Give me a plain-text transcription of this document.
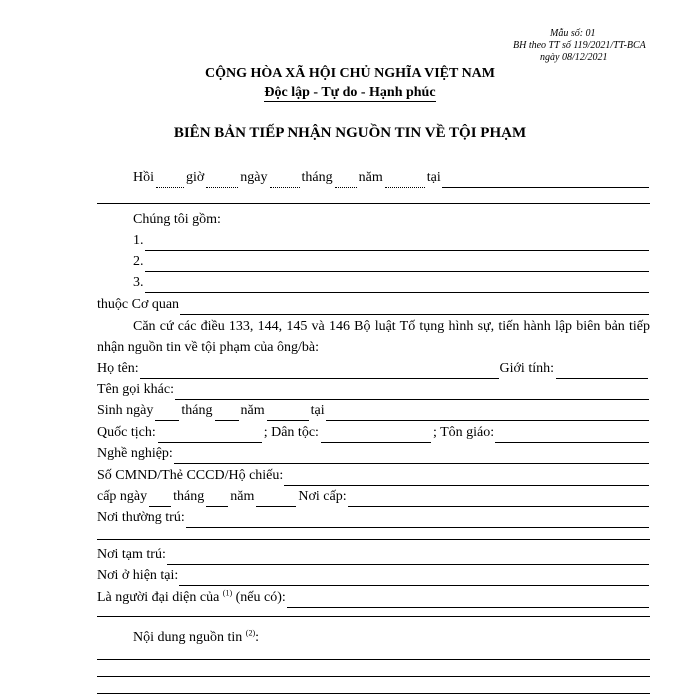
Mẫu số: 01
BH theo TT số 119/2021/TT-BCA
ngày 08/12/2021
CỘNG HÒA XÃ HỘI CHỦ NGHĨA VIỆT NAM
Độc lập - Tự do - Hạnh phúc
BIÊN BẢN TIẾP NHẬN NGUỒN TIN VỀ TỘI PHẠM
Hồi giờ	ngày tháng năm	tại
Chúng tôi gồm:
1.
2.
3.
thuộc Cơ quan
Căn cứ các điều 133, 144, 145 và 146 Bộ luật Tố tụng hình sự, tiến hành lập biên bản tiếp nhận nguồn tin về tội phạm của ông/bà:
Họ tên:	Giới tính:
Tên gọi khác:
Sinh ngày tháng năm	tại
Quốc tịch:	; Dân tộc:	; Tôn giáo:
Nghề nghiệp:
Số CMND/Thẻ CCCD/Hộ chiếu:
cấp ngày tháng năm	Nơi cấp:
Nơi thường trú:
Nơi tạm trú:
Nơi ở hiện tại:
Là người đại diện của $^{(1)}$ (nếu có):
Nội dung nguồn tin $^{(2)}$:
